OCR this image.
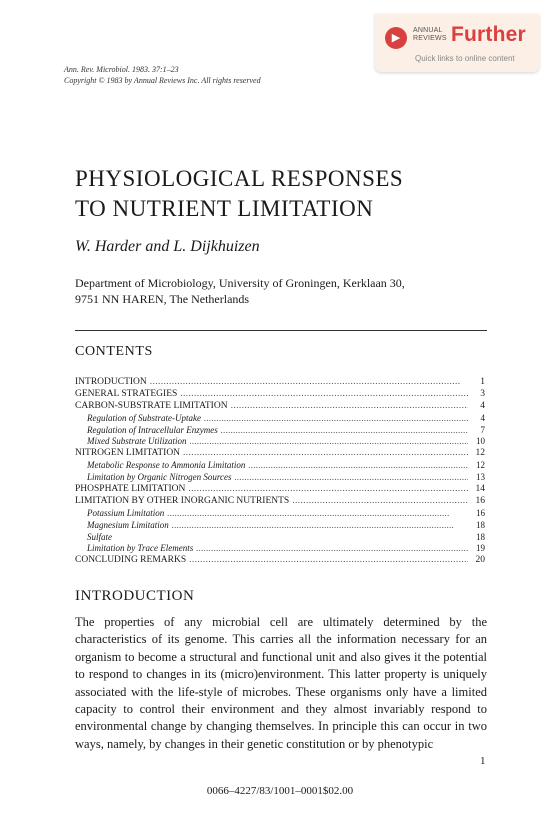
▶
ANNUAL
REVIEWS Further
Quick links to online content
Ann. Rev. Microbiol. 1983. 37:1–23
Copyright © 1983 by Annual Reviews Inc. All rights reserved
PHYSIOLOGICAL RESPONSES
TO NUTRIENT LIMITATION
W. Harder and L. Dijkhuizen
Department of Microbiology, University of Groningen, Kerklaan 30,
9751 NN HAREN, The Netherlands
CONTENTS
INTRODUCTION . . .	1
GENERAL STRATEGIES . . .	3
CARBON-SUBSTRATE LIMITATION . . .	4
Regulation of Substrate-Uptake . . .	4
Regulation of Intracellular Enzymes . . .	7
Mixed Substrate Utilization . . .	10
NITROGEN LIMITATION . . .	12
Metabolic Response to Ammonia Limitation . . .	12
Limitation by Organic Nitrogen Sources . . .	13
PHOSPHATE LIMITATION . . .	14
LIMITATION BY OTHER INORGANIC NUTRIENTS . . .	16
Potassium Limitation . . .	16
Magnesium Limitation . . .	18
Sulfate	18
Limitation by Trace Elements . . .	19
CONCLUDING REMARKS . . .	20
INTRODUCTION

The properties of any microbial cell are ultimately determined by the characteristics of its genome. This carries all the information necessary for an organism to become a structural and functional unit and also gives it the potential to respond to changes in its (micro)environment. This latter property is uniquely associated with the life-style of microbes. These organisms only have a limited capacity to control their environment and they almost invariably respond to environmental change by changing themselves. In principle this can occur in two ways, namely, by changes in their genetic constitution or by phenotypic

1
0066–4227/83/1001–0001$02.00
